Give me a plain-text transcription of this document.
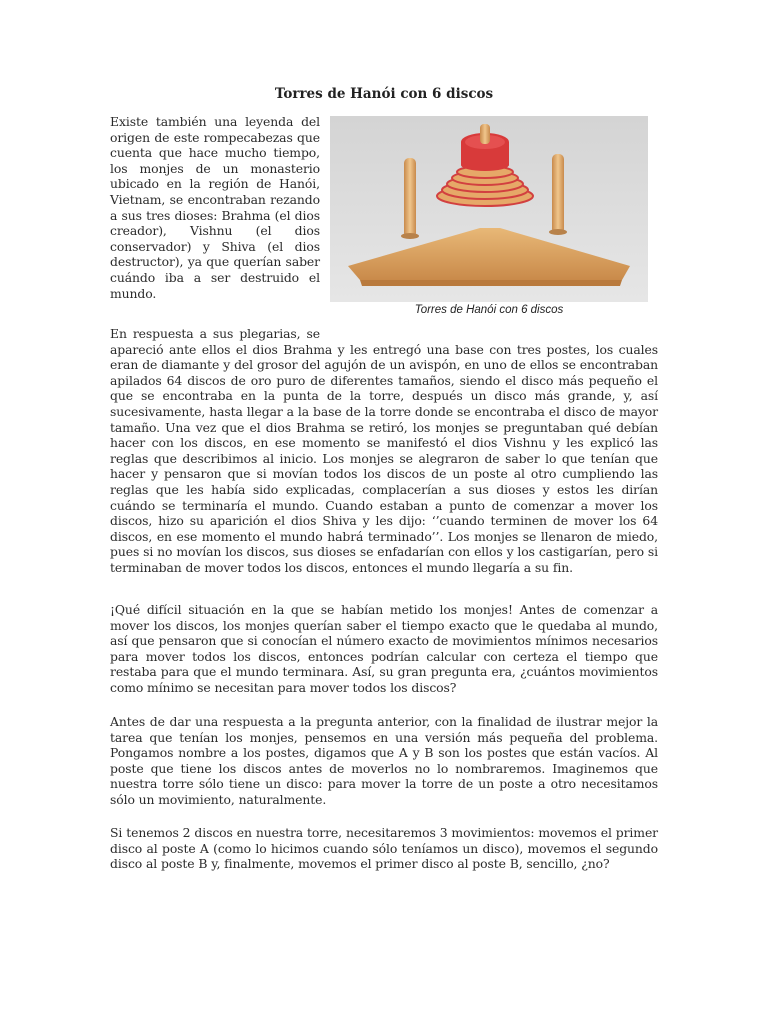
Torres de Hanói con 6 discos

Existe también una leyenda del origen de este rompecabezas que cuenta que hace mucho tiempo, los monjes de un monasterio ubicado en la región de Hanói, Vietnam, se encontraban rezando a sus tres dioses: Brahma (el dios creador), Vishnu (el dios conservador) y Shiva (el dios destructor), ya que querían saber cuándo iba a ser destruido el mundo.

Torres de Hanói con 6 discos

En respuesta a sus plegarias, se apareció ante ellos el dios Brahma y les entregó una base con tres postes, los cuales eran de diamante y del grosor del agujón de un avispón, en uno de ellos se encontraban apilados 64 discos de oro puro de diferentes tamaños, siendo el disco más pequeño el que se encontraba en la punta de la torre, después un disco más grande, y, así sucesivamente, hasta llegar a la base de la torre donde se encontraba el disco de mayor tamaño. Una vez que el dios Brahma se retiró, los monjes se preguntaban qué debían hacer con los discos, en ese momento se manifestó el dios Vishnu y les explicó las reglas que describimos al inicio. Los monjes se alegraron de saber lo que tenían que hacer y pensaron que si movían todos los discos de un poste al otro cumpliendo las reglas que les había sido explicadas, complacerían a sus dioses y estos les dirían cuándo se terminaría el mundo. Cuando estaban a punto de comenzar a mover los discos, hizo su aparición el dios Shiva y les dijo: ‘’cuando terminen de mover los 64 discos, en ese momento el mundo habrá terminado’’. Los monjes se llenaron de miedo, pues si no movían los discos, sus dioses se enfadarían con ellos y los castigarían, pero si terminaban de mover todos los discos, entonces el mundo llegaría a su fin.

¡Qué difícil situación en la que se habían metido los monjes! Antes de comenzar a mover los discos, los monjes querían saber el tiempo exacto que le quedaba al mundo, así que pensaron que si conocían el número exacto de movimientos mínimos necesarios para mover todos los discos, entonces podrían calcular con certeza el tiempo que restaba para que el mundo terminara. Así, su gran pregunta era, ¿cuántos movimientos como mínimo se necesitan para mover todos los discos?

Antes de dar una respuesta a la pregunta anterior, con la finalidad de ilustrar mejor la tarea que tenían los monjes, pensemos en una versión más pequeña del problema. Pongamos nombre a los postes, digamos que A y B son los postes que están vacíos. Al poste que tiene los discos antes de moverlos no lo nombraremos. Imaginemos que nuestra torre sólo tiene un disco: para mover la torre de un poste a otro necesitamos sólo un movimiento, naturalmente.

Si tenemos 2 discos en nuestra torre, necesitaremos 3 movimientos: movemos el primer disco al poste A (como lo hicimos cuando sólo teníamos un disco), movemos el segundo disco al poste B y, finalmente, movemos el primer disco al poste B, sencillo, ¿no?
